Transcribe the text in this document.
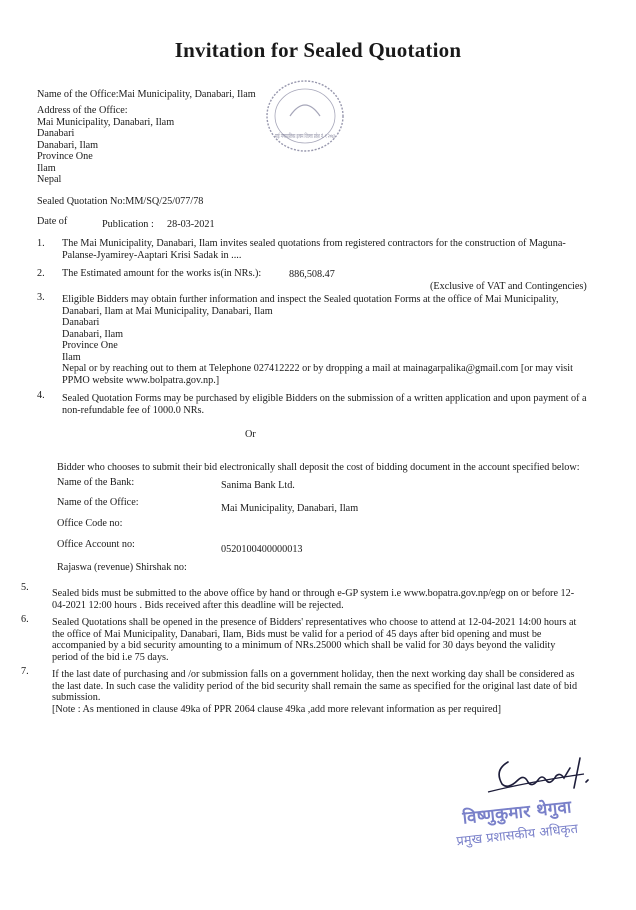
Invitation for Sealed Quotation
Name of the Office:Mai Municipality, Danabari, Ilam
Address of the Office:
Mai Municipality, Danabari, Ilam
Danabari
Danabari, Ilam
Province One
Ilam
Nepal
माई नगरपालिका इलाम जिल्ला प्रदेश नं. १ २०७३
Sealed Quotation No:MM/SQ/25/077/78
Date of	Publication : 28-03-2021
1. The Mai Municipality, Danabari, Ilam invites sealed quotations from registered contractors for the construction of Maguna-
Palanse-Jyamirey-Aaptari Krisi Sadak in ....
2. The Estimated amount for the works is(in NRs.):	886,508.47
(Exclusive of VAT and Contingencies)
3. Eligible Bidders may obtain further information and inspect the Sealed quotation Forms at the office of Mai Municipality,
Danabari, Ilam at Mai Municipality, Danabari, Ilam
Danabari
Danabari, Ilam
Province One
Ilam
Nepal or by reaching out to them at Telephone 027412222 or by dropping a mail at mainagarpalika@gmail.com [or may visit
PPMO website www.bolpatra.gov.np.]
4. Sealed Quotation Forms may be purchased by eligible Bidders on the submission of a written application and upon payment of a
non-refundable fee of 1000.0 NRs.
Or
Bidder who chooses to submit their bid electronically shall deposit the cost of bidding document in the account specified below:
Name of the Bank:	Sanima Bank Ltd.
Name of the Office:
Mai Municipality, Danabari, Ilam
Office Code no:
Office Account no:	0520100400000013
Rajaswa (revenue) Shirshak no:
5.
Sealed bids must be submitted to the above office by hand or through e-GP system i.e www.bopatra.gov.np/egp on or before 12-
04-2021 12:00 hours . Bids received after this deadline will be rejected.
6. Sealed Quotations shall be opened in the presence of Bidders' representatives who choose to attend at 12-04-2021 14:00 hours at
the office of Mai Municipality, Danabari, Ilam, Bids must be valid for a period of 45 days after bid opening and must be
accompanied by a bid security amounting to a minimum of NRs.25000 which shall be valid for 30 days beyond the validity
period of the bid i.e 75 days.
7. If the last date of purchasing and /or submission falls on a government holiday, then the next working day shall be considered as
the last date. In such case the validity period of the bid security shall remain the same as specified for the original last date of bid
submission.
[Note : As mentioned in clause 49ka of PPR 2064 clause 49ka ,add more relevant information as per required]
विष्णुकुमार थेगुवा
प्रमुख प्रशासकीय अधिकृत
